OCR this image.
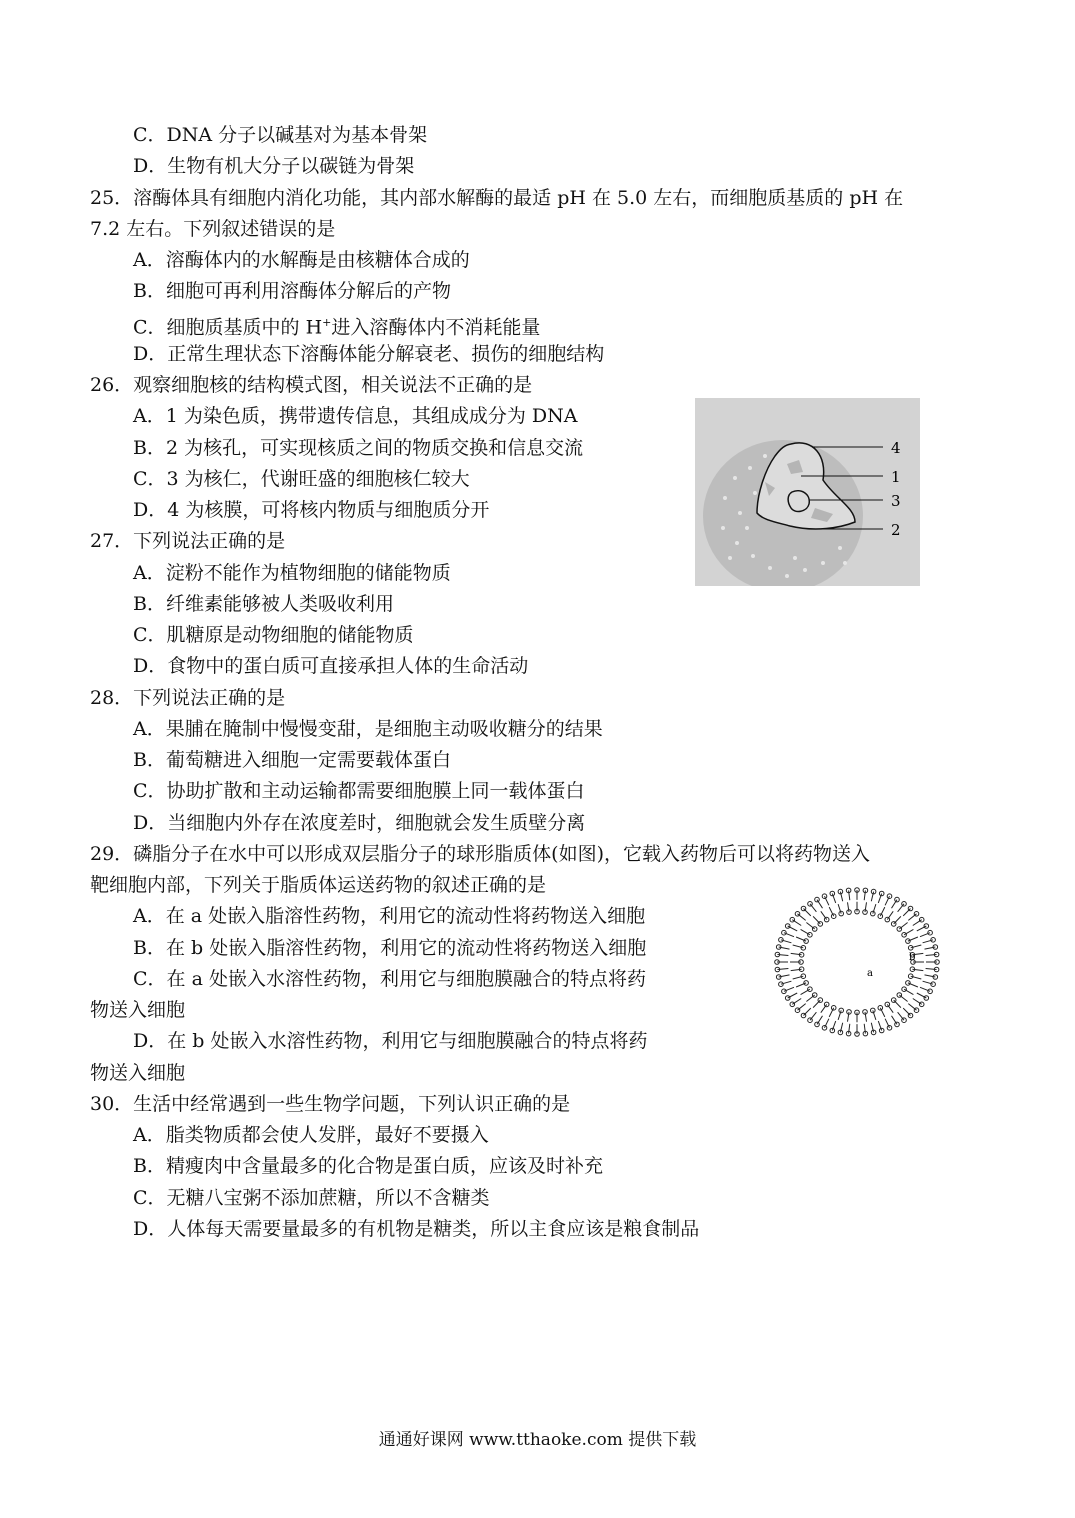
C．DNA 分子以碱基对为基本骨架
D．生物有机大分子以碳链为骨架
25．溶酶体具有细胞内消化功能，其内部水解酶的最适 pH 在 5.0 左右，而细胞质基质的 pH 在
7.2 左右。下列叙述错误的是
A．溶酶体内的水解酶是由核糖体合成的
B．细胞可再利用溶酶体分解后的产物
C．细胞质基质中的 H+进入溶酶体内不消耗能量
D．正常生理状态下溶酶体能分解衰老、损伤的细胞结构
26．观察细胞核的结构模式图，相关说法不正确的是
A．1 为染色质，携带遗传信息，其组成成分为 DNA
B．2 为核孔，可实现核质之间的物质交换和信息交流
C．3 为核仁，代谢旺盛的细胞核仁较大
D．4 为核膜，可将核内物质与细胞质分开
27．下列说法正确的是
A．淀粉不能作为植物细胞的储能物质
B．纤维素能够被人类吸收利用
C．肌糖原是动物细胞的储能物质
D．食物中的蛋白质可直接承担人体的生命活动
28．下列说法正确的是
A．果脯在腌制中慢慢变甜，是细胞主动吸收糖分的结果
B．葡萄糖进入细胞一定需要载体蛋白
C．协助扩散和主动运输都需要细胞膜上同一载体蛋白
D．当细胞内外存在浓度差时，细胞就会发生质壁分离
29．磷脂分子在水中可以形成双层脂分子的球形脂质体(如图)，它载入药物后可以将药物送入
靶细胞内部，下列关于脂质体运送药物的叙述正确的是
A．在 a 处嵌入脂溶性药物，利用它的流动性将药物送入细胞
B．在 b 处嵌入脂溶性药物，利用它的流动性将药物送入细胞
C．在 a 处嵌入水溶性药物，利用它与细胞膜融合的特点将药
物送入细胞
D．在 b 处嵌入水溶性药物，利用它与细胞膜融合的特点将药
物送入细胞
30．生活中经常遇到一些生物学问题，下列认识正确的是
A．脂类物质都会使人发胖，最好不要摄入
B．精瘦肉中含量最多的化合物是蛋白质，应该及时补充
C．无糖八宝粥不添加蔗糖，所以不含糖类
D．人体每天需要量最多的有机物是糖类，所以主食应该是粮食制品
4
1
3
2
a
b
通通好课网 www.tthaoke.com 提供下载
